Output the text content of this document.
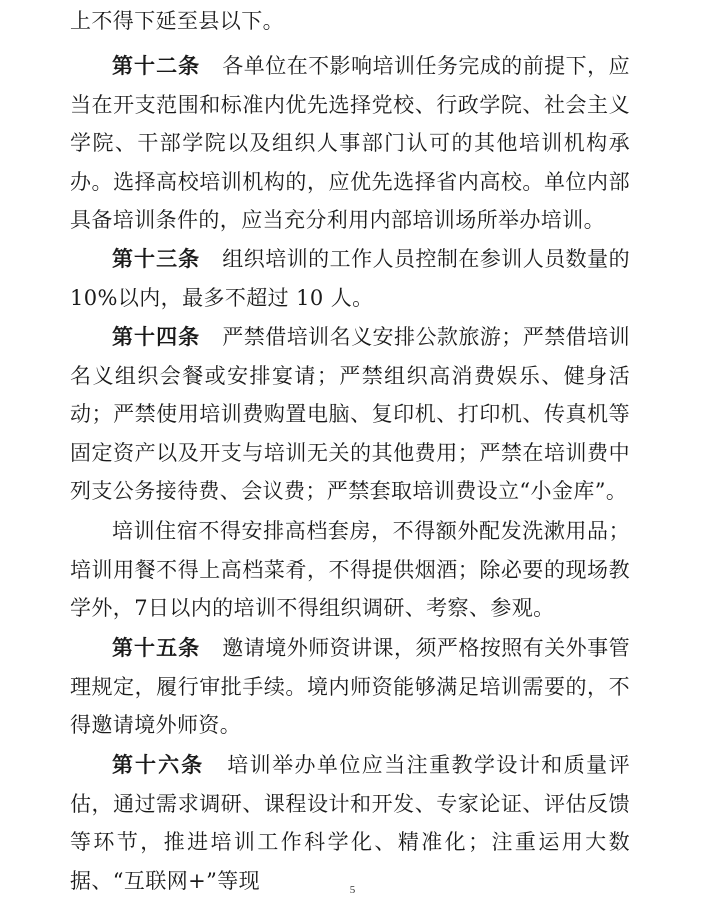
上不得下延至县以下。

第十二条 各单位在不影响培训任务完成的前提下，应当在开支范围和标准内优先选择党校、行政学院、社会主义学院、干部学院以及组织人事部门认可的其他培训机构承办。选择高校培训机构的，应优先选择省内高校。单位内部具备培训条件的，应当充分利用内部培训场所举办培训。

第十三条 组织培训的工作人员控制在参训人员数量的10%以内，最多不超过 10 人。

第十四条 严禁借培训名义安排公款旅游；严禁借培训名义组织会餐或安排宴请；严禁组织高消费娱乐、健身活动；严禁使用培训费购置电脑、复印机、打印机、传真机等固定资产以及开支与培训无关的其他费用；严禁在培训费中列支公务接待费、会议费；严禁套取培训费设立“小金库”。

培训住宿不得安排高档套房，不得额外配发洗漱用品；培训用餐不得上高档菜肴，不得提供烟酒；除必要的现场教学外，7日以内的培训不得组织调研、考察、参观。

第十五条 邀请境外师资讲课，须严格按照有关外事管理规定，履行审批手续。境内师资能够满足培训需要的，不得邀请境外师资。

第十六条 培训举办单位应当注重教学设计和质量评估，通过需求调研、课程设计和开发、专家论证、评估反馈等环节，推进培训工作科学化、精准化；注重运用大数据、“互联网+”等现	5
